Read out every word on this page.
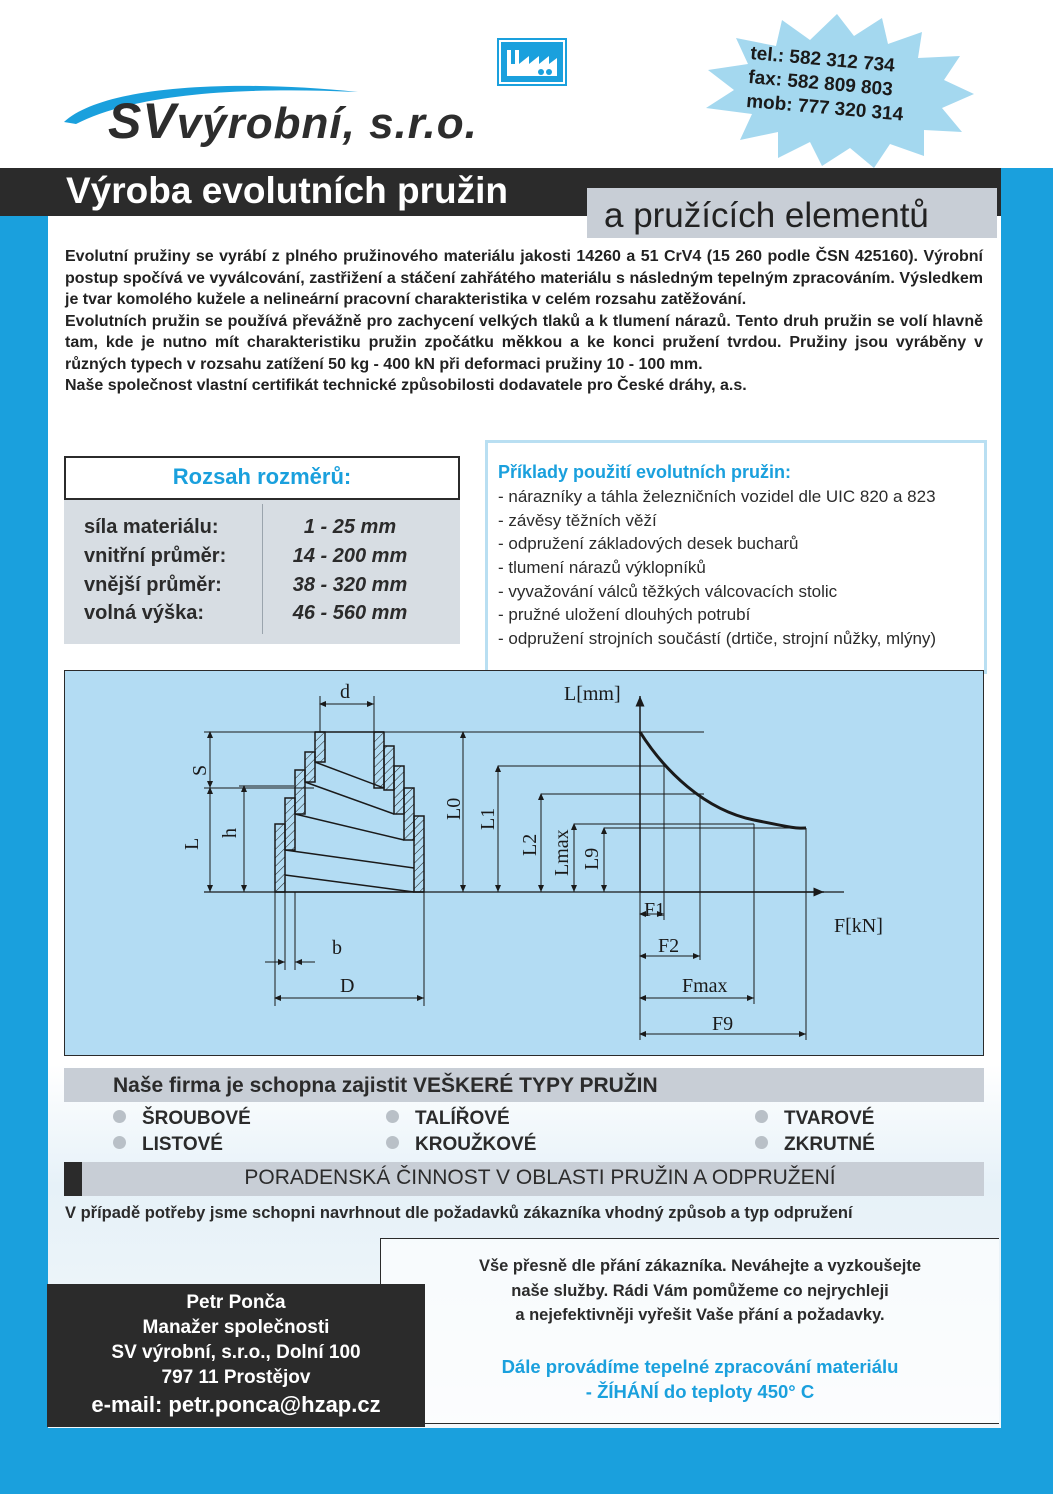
SVvýrobní, s.r.o.
tel.: 582 312 734
fax: 582 809 803
mob: 777 320 314
Výroba evolutních pružin
a pružících elementů

Evolutní pružiny se vyrábí z plného pružinového materiálu jakosti 14260 a 51 CrV4 (15 260 podle ČSN 425160). Výrobní postup spočívá ve vyválcování, zastřižení a stáčení zahřátého materiálu s následným tepelným zpracováním. Výsledkem je tvar komolého kužele a nelineární pracovní charakteristika v celém rozsahu zatěžování.

Evolutních pružin se používá převážně pro zachycení velkých tlaků a k tlumení nárazů. Tento druh pružin se volí hlavně tam, kde je nutno mít charakteristiku pružin zpočátku měkkou a ke konci pružení tvrdou. Pružiny jsou vyráběny v různých typech v rozsahu zatížení 50 kg - 400 kN při deformaci pružiny 10 - 100 mm.

Naše společnost vlastní certifikát technické způsobilosti dodavatele pro České dráhy, a.s.

Rozsah rozměrů:
síla materiálu:	1 - 25 mm
vnitřní průměr:	14 - 200 mm
vnější průměr:	38 - 320 mm
volná výška:	46 - 560 mm
Příklady použití evolutních pružin:
- nárazníky a táhla železničních vozidel dle UIC 820 a 823
- závěsy těžních věží
- odpružení základových desek bucharů
- tlumení nárazů výklopníků
- vyvažování válců těžkých válcovacích stolic
- pružné uložení dlouhých potrubí
- odpružení strojních součástí (drtiče, strojní nůžky, mlýny)
d
S
L
h
L0 L1
L2 Lmax L9
b
D
L[mm]
F[kN]
F1
F2
Fmax
F9
Naše firma je schopna zajistit VEŠKERÉ TYPY PRUŽIN
ŠROUBOVÉ
LISTOVÉ
TALÍŘOVÉ
KROUŽKOVÉ
TVAROVÉ
ZKRUTNÉ
PORADENSKÁ ČINNOST V OBLASTI PRUŽIN A ODPRUŽENÍ
V případě potřeby jsme schopni navrhnout dle požadavků zákazníka vhodný způsob a typ odpružení
Vše přesně dle přání zákazníka. Neváhejte a vyzkoušejte
naše služby. Rádi Vám pomůžeme co nejrychleji
a nejefektivněji vyřešit Vaše přání a požadavky.
Dále provádíme tepelné zpracování materiálu
- ŽÍHÁNÍ do teploty 450° C
Petr Ponča
Manažer společnosti
SV výrobní, s.r.o., Dolní 100
797 11 Prostějov
e-mail: petr.ponca@hzap.cz
